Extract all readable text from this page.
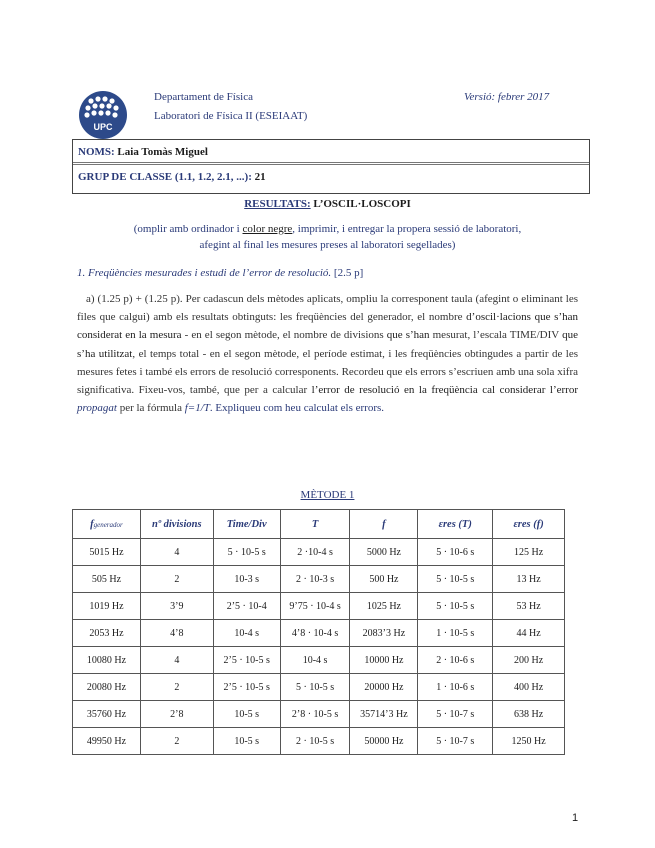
UPC
Departament de Física
Laboratori de Física II (ESEIAAT)
Versió: febrer 2017
NOMS: Laia Tomàs Miguel
GRUP DE CLASSE (1.1, 1.2, 2.1, ...): 21
RESULTATS: L’OSCIL·LOSCOPI
(omplir amb ordinador i color negre, imprimir, i entregar la propera sessió de laboratori,
afegint al final les mesures preses al laboratori segellades)
1. Freqüències mesurades i estudi de l’error de resolució. [2.5 p]
a) (1.25 p) + (1.25 p). Per cadascun dels mètodes aplicats, ompliu la corresponent taula (afegint o eliminant les files que calgui) amb els resultats obtinguts: les freqüències del generador, el nombre d’oscil·lacions que s’han considerat en la mesura - en el segon mètode, el nombre de divisions que s’han mesurat, l’escala TIME/DIV que s’ha utilitzat, el temps total - en el segon mètode, el període estimat, i les freqüències obtingudes a partir de les mesures fetes i també els errors de resolució corresponents. Recordeu que els errors s’escriuen amb una sola xifra significativa. Fixeu-vos, també, que per a calcular l’error de resolució en la freqüència cal considerar l’error propagat per la fórmula f=1/T. Expliqueu com heu calculat els errors.
MÈTODE 1
fgenerador	nº divisions	Time/Div	T	f	εres (T)	εres (f)
5015 Hz	4	5 · 10-5 s	2 ·10-4 s	5000 Hz	5 · 10-6 s	125 Hz
505 Hz	2	10-3 s	2 · 10-3 s	500 Hz	5 · 10-5 s	13 Hz
1019 Hz	3’9	2’5 · 10-4	9’75 · 10-4 s	1025 Hz	5 · 10-5 s	53 Hz
2053 Hz	4’8	10-4 s	4’8 · 10-4 s	2083’3 Hz	1 · 10-5 s	44 Hz
10080 Hz	4	2’5 · 10-5 s	10-4 s	10000 Hz	2 · 10-6 s	200 Hz
20080 Hz	2	2’5 · 10-5 s	5 · 10-5 s	20000 Hz	1 · 10-6 s	400 Hz
35760 Hz	2’8	10-5 s	2’8 · 10-5 s	35714’3 Hz	5 · 10-7 s	638 Hz
49950 Hz	2	10-5 s	2 · 10-5 s	50000 Hz	5 · 10-7 s	1250 Hz
1
